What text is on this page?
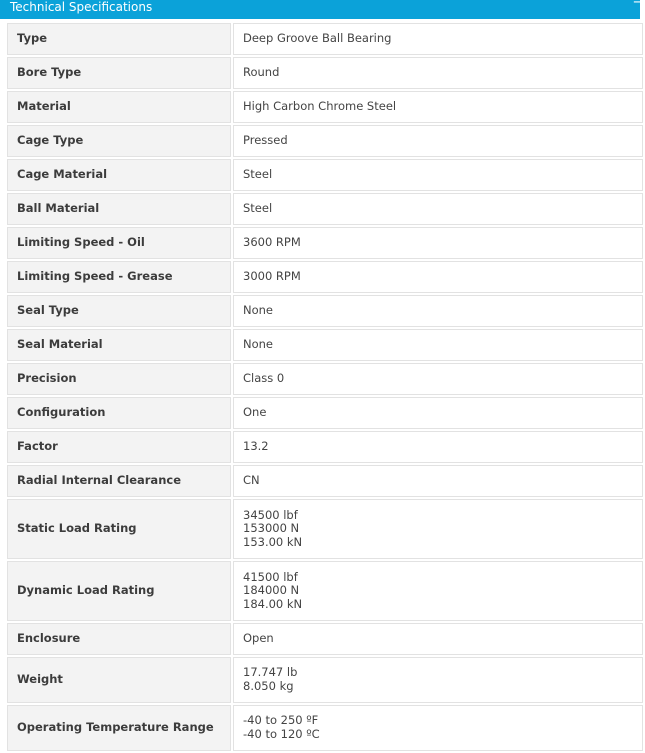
Technical Specifications	−
Type	Deep Groove Ball Bearing

Bore Type	Round

Material	High Carbon Chrome Steel

Cage Type	Pressed

Cage Material	Steel

Ball Material	Steel

Limiting Speed - Oil	3600 RPM

Limiting Speed - Grease	3000 RPM

Seal Type	None

Seal Material	None

Precision	Class 0

Configuration	One

Factor	13.2

Radial Internal Clearance	CN

Static Load Rating	34500 lbf
153000 N
153.00 kN

Dynamic Load Rating	41500 lbf
184000 N
184.00 kN

Enclosure	Open

Weight	17.747 lb
8.050 kg

Operating Temperature Range	-40 to 250 ºF
-40 to 120 ºC
